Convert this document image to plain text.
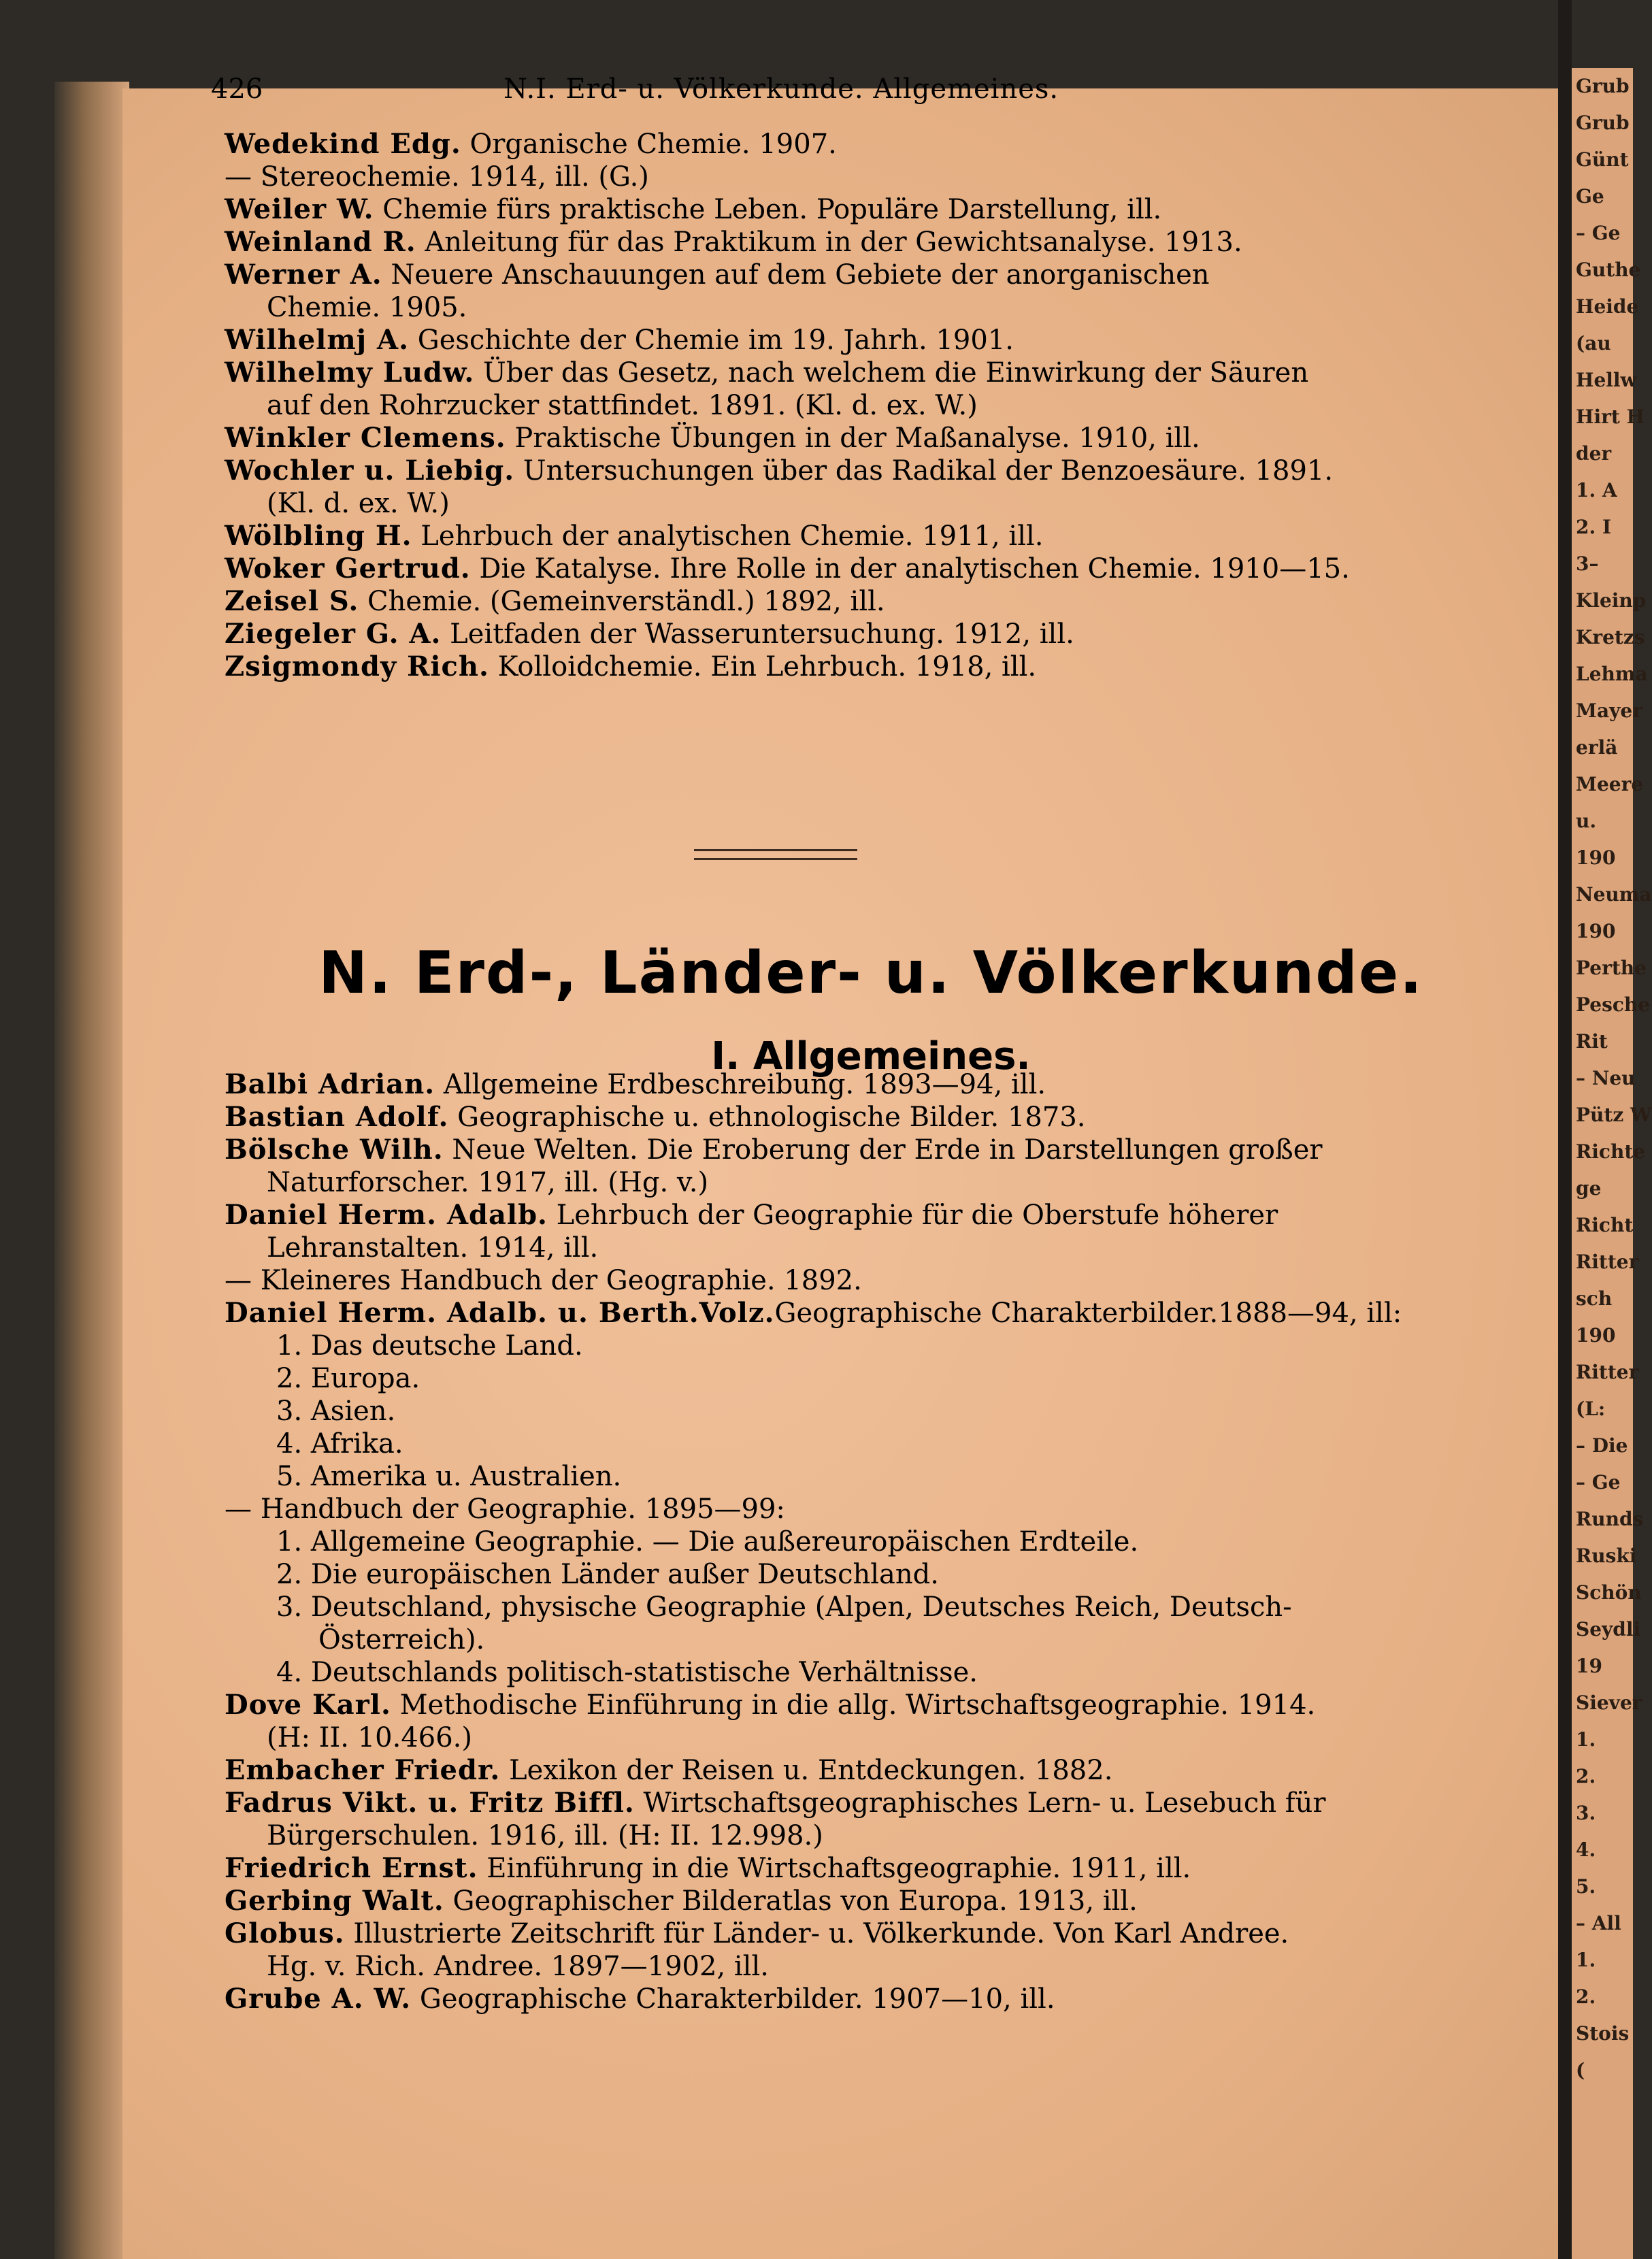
Grub
Grub
Günt
Ge
– Ge
Guthe
Heide
(au
Hellw
Hirt H
der
1. A
2. I
3–
Kleinp
Kretzs
Lehma
Mayer
erlä
Meere
u.
190
Neuma
190
Perthe
Pesche
Rit
– Neu
Pütz W
Richte
ge
Richt
Ritter
sch
190
Ritter
(L:
– Die
– Ge
Runds
Ruski
Schön
Seydli
19
Siever
1.
2.
3.
4.
5.
– All
1.
2.
Stois
(
426	N.I. Erd- u. Völkerkunde. Allgemeines.
Wedekind Edg. Organische Chemie. 1907.
— Stereochemie. 1914, ill. (G.)
Weiler W. Chemie fürs praktische Leben. Populäre Darstellung, ill.
Weinland R. Anleitung für das Praktikum in der Gewichtsanalyse. 1913.
Werner A. Neuere Anschauungen auf dem Gebiete der anorganischen
Chemie. 1905.
Wilhelmj A. Geschichte der Chemie im 19. Jahrh. 1901.
Wilhelmy Ludw. Über das Gesetz, nach welchem die Einwirkung der Säuren
auf den Rohrzucker stattfindet. 1891. (Kl. d. ex. W.)
Winkler Clemens. Praktische Übungen in der Maßanalyse. 1910, ill.
Wochler u. Liebig. Untersuchungen über das Radikal der Benzoesäure. 1891.
(Kl. d. ex. W.)
Wölbling H. Lehrbuch der analytischen Chemie. 1911, ill.
Woker Gertrud. Die Katalyse. Ihre Rolle in der analytischen Chemie. 1910—15.
Zeisel S. Chemie. (Gemeinverständl.) 1892, ill.
Ziegeler G. A. Leitfaden der Wasseruntersuchung. 1912, ill.
Zsigmondy Rich. Kolloidchemie. Ein Lehrbuch. 1918, ill.
N. Erd-, Länder- u. Völkerkunde.
I. Allgemeines.
Balbi Adrian. Allgemeine Erdbeschreibung. 1893—94, ill.
Bastian Adolf. Geographische u. ethnologische Bilder. 1873.
Bölsche Wilh. Neue Welten. Die Eroberung der Erde in Darstellungen großer
Naturforscher. 1917, ill. (Hg. v.)
Daniel Herm. Adalb. Lehrbuch der Geographie für die Oberstufe höherer
Lehranstalten. 1914, ill.
— Kleineres Handbuch der Geographie. 1892.
Daniel Herm. Adalb. u. Berth.Volz.Geographische Charakterbilder.1888—94, ill:
1. Das deutsche Land.
2. Europa.
3. Asien.
4. Afrika.
5. Amerika u. Australien.
— Handbuch der Geographie. 1895—99:
1. Allgemeine Geographie. — Die außereuropäischen Erdteile.
2. Die europäischen Länder außer Deutschland.
3. Deutschland, physische Geographie (Alpen, Deutsches Reich, Deutsch-
Österreich).
4. Deutschlands politisch-statistische Verhältnisse.
Dove Karl. Methodische Einführung in die allg. Wirtschaftsgeographie. 1914.
(H: II. 10.466.)
Embacher Friedr. Lexikon der Reisen u. Entdeckungen. 1882.
Fadrus Vikt. u. Fritz Biffl. Wirtschaftsgeographisches Lern- u. Lesebuch für
Bürgerschulen. 1916, ill. (H: II. 12.998.)
Friedrich Ernst. Einführung in die Wirtschaftsgeographie. 1911, ill.
Gerbing Walt. Geographischer Bilderatlas von Europa. 1913, ill.
Globus. Illustrierte Zeitschrift für Länder- u. Völkerkunde. Von Karl Andree.
Hg. v. Rich. Andree. 1897—1902, ill.
Grube A. W. Geographische Charakterbilder. 1907—10, ill.
